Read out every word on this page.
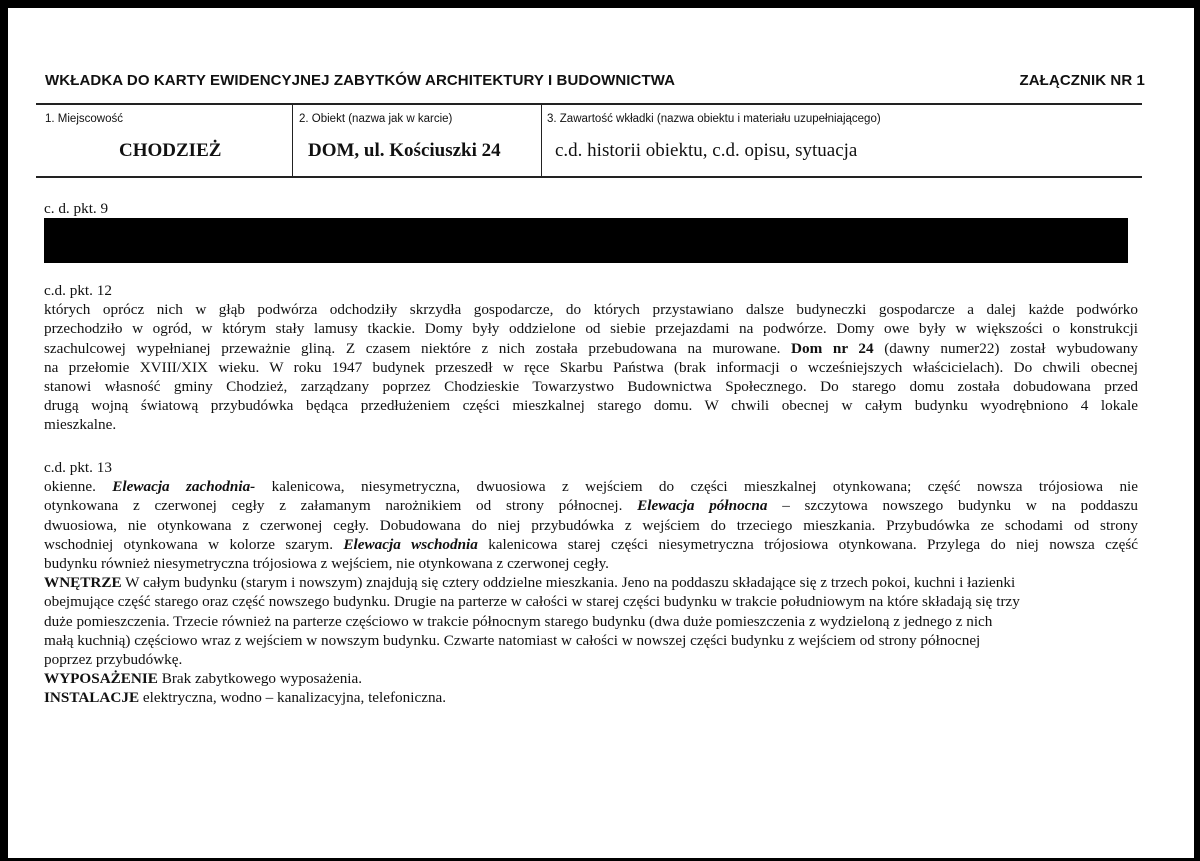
WKŁADKA DO KARTY EWIDENCYJNEJ ZABYTKÓW ARCHITEKTURY I BUDOWNICTWA	ZAŁĄCZNIK NR 1
1. Miejscowość	2. Obiekt (nazwa jak w karcie)	3. Zawartość wkładki (nazwa obiektu i materiału uzupełniającego)
CHODZIEŻ	DOM, ul. Kościuszki 24	c.d. historii obiektu, c.d. opisu, sytuacja
c. d. pkt. 9
c.d. pkt. 12
których oprócz nich w głąb podwórza odchodziły skrzydła gospodarcze, do których przystawiano dalsze budyneczki gospodarcze a dalej każde podwórko
przechodziło w ogród, w którym stały lamusy tkackie. Domy były oddzielone od siebie przejazdami na podwórze. Domy owe były w większości o konstrukcji
szachulcowej wypełnianej przeważnie gliną. Z czasem niektóre z nich została przebudowana na murowane. Dom nr 24 (dawny numer22) został wybudowany
na przełomie XVIII/XIX wieku. W roku 1947 budynek przeszedł w ręce Skarbu Państwa (brak informacji o wcześniejszych właścicielach). Do chwili obecnej
stanowi własność gminy Chodzież, zarządzany poprzez Chodzieskie Towarzystwo Budownictwa Społecznego. Do starego domu została dobudowana przed
drugą wojną światową przybudówka będąca przedłużeniem części mieszkalnej starego domu. W chwili obecnej w całym budynku wyodrębniono 4 lokale
mieszkalne.
c.d. pkt. 13
okienne. Elewacja zachodnia- kalenicowa, niesymetryczna, dwuosiowa z wejściem do części mieszkalnej otynkowana; część nowsza trójosiowa nie
otynkowana z czerwonej cegły z załamanym narożnikiem od strony północnej. Elewacja północna – szczytowa nowszego budynku w na poddaszu
dwuosiowa, nie otynkowana z czerwonej cegły. Dobudowana do niej przybudówka z wejściem do trzeciego mieszkania. Przybudówka ze schodami od strony
wschodniej otynkowana w kolorze szarym. Elewacja wschodnia kalenicowa starej części niesymetryczna trójosiowa otynkowana. Przylega do niej nowsza część
budynku również niesymetryczna trójosiowa z wejściem, nie otynkowana z czerwonej cegły.
WNĘTRZE W całym budynku (starym i nowszym) znajdują się cztery oddzielne mieszkania. Jeno na poddaszu składające się z trzech pokoi, kuchni i łazienki
obejmujące część starego oraz część nowszego budynku. Drugie na parterze w całości w starej części budynku w trakcie południowym na które składają się trzy
duże pomieszczenia. Trzecie również na parterze częściowo w trakcie północnym starego budynku (dwa duże pomieszczenia z wydzieloną z jednego z nich
małą kuchnią) częściowo wraz z wejściem w nowszym budynku. Czwarte natomiast w całości w nowszej części budynku z wejściem od strony północnej
poprzez przybudówkę.
WYPOSAŻENIE Brak zabytkowego wyposażenia.
INSTALACJE elektryczna, wodno – kanalizacyjna, telefoniczna.
